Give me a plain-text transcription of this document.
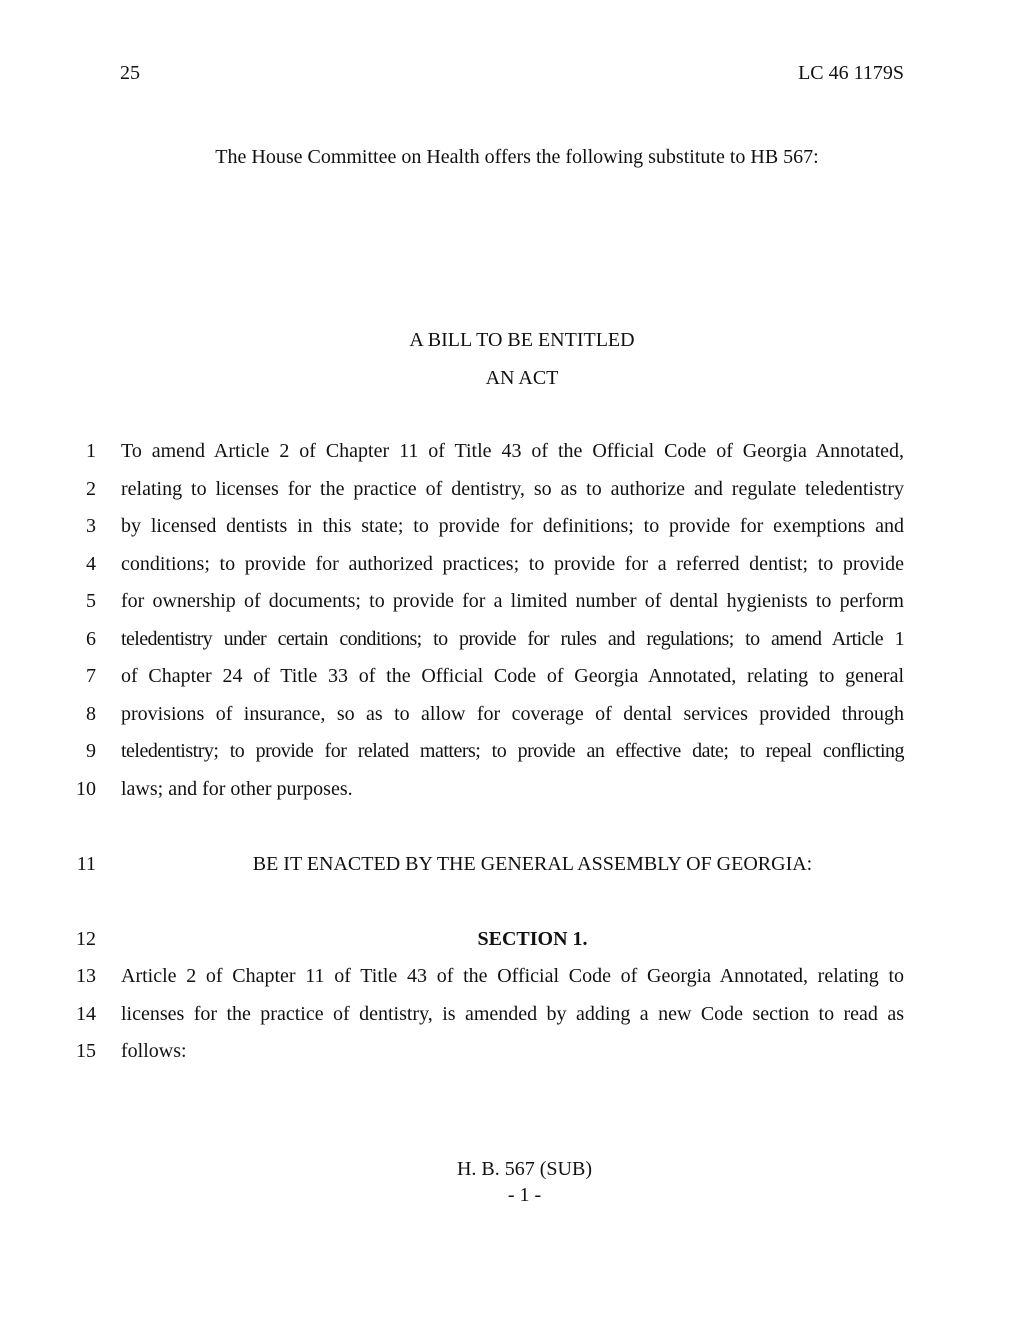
25	LC 46 1179S
The House Committee on Health offers the following substitute to HB 567:
A BILL TO BE ENTITLED
AN ACT
1 To amend Article 2 of Chapter 11 of Title 43 of the Official Code of Georgia Annotated,
2 relating to licenses for the practice of dentistry, so as to authorize and regulate teledentistry
3 by licensed dentists in this state; to provide for definitions; to provide for exemptions and
4 conditions; to provide for authorized practices; to provide for a referred dentist; to provide
5 for ownership of documents; to provide for a limited number of dental hygienists to perform
6 teledentistry under certain conditions; to provide for rules and regulations; to amend Article 1
7 of Chapter 24 of Title 33 of the Official Code of Georgia Annotated, relating to general
8 provisions of insurance, so as to allow for coverage of dental services provided through
9 teledentistry; to provide for related matters; to provide an effective date; to repeal conflicting
10 laws; and for other purposes.
11	BE IT ENACTED BY THE GENERAL ASSEMBLY OF GEORGIA:
12	SECTION 1.
13 Article 2 of Chapter 11 of Title 43 of the Official Code of Georgia Annotated, relating to
14 licenses for the practice of dentistry, is amended by adding a new Code section to read as
15 follows:
H. B. 567 (SUB)
- 1 -
